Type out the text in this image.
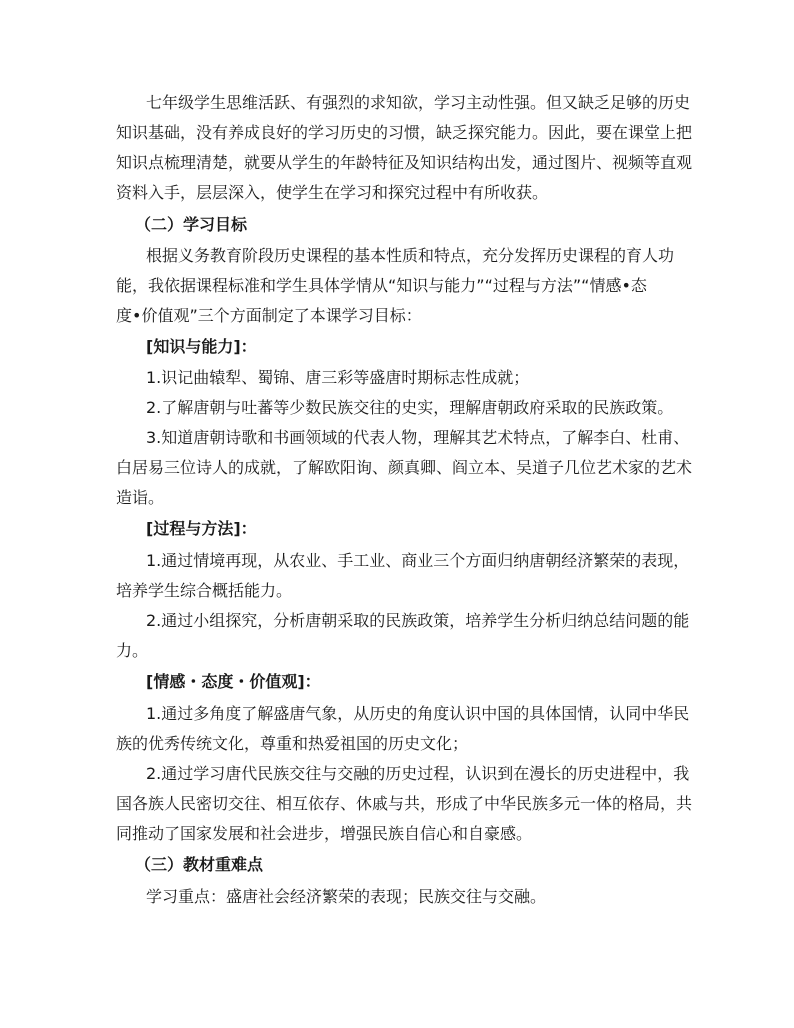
七年级学生思维活跃、有强烈的求知欲，学习主动性强。但又缺乏足够的历史

知识基础，没有养成良好的学习历史的习惯，缺乏探究能力。因此，要在课堂上把

知识点梳理清楚，就要从学生的年龄特征及知识结构出发，通过图片、视频等直观

资料入手，层层深入，使学生在学习和探究过程中有所收获。

（二）学习目标

根据义务教育阶段历史课程的基本性质和特点，充分发挥历史课程的育人功

能，我依据课程标准和学生具体学情从“知识与能力”“过程与方法”“情感•态

度•价值观”三个方面制定了本课学习目标：

[知识与能力]：

1.识记曲辕犁、蜀锦、唐三彩等盛唐时期标志性成就；

2.了解唐朝与吐蕃等少数民族交往的史实，理解唐朝政府采取的民族政策。

3.知道唐朝诗歌和书画领域的代表人物，理解其艺术特点，了解李白、杜甫、

白居易三位诗人的成就，了解欧阳询、颜真卿、阎立本、吴道子几位艺术家的艺术

造诣。

[过程与方法]：

1.通过情境再现，从农业、手工业、商业三个方面归纳唐朝经济繁荣的表现，

培养学生综合概括能力。

2.通过小组探究，分析唐朝采取的民族政策，培养学生分析归纳总结问题的能

力。

[情感・态度・价值观]：

1.通过多角度了解盛唐气象，从历史的角度认识中国的具体国情，认同中华民

族的优秀传统文化，尊重和热爱祖国的历史文化；

2.通过学习唐代民族交往与交融的历史过程，认识到在漫长的历史进程中，我

国各族人民密切交往、相互依存、休戚与共，形成了中华民族多元一体的格局，共

同推动了国家发展和社会进步，增强民族自信心和自豪感。

（三）教材重难点

学习重点：盛唐社会经济繁荣的表现；民族交往与交融。
